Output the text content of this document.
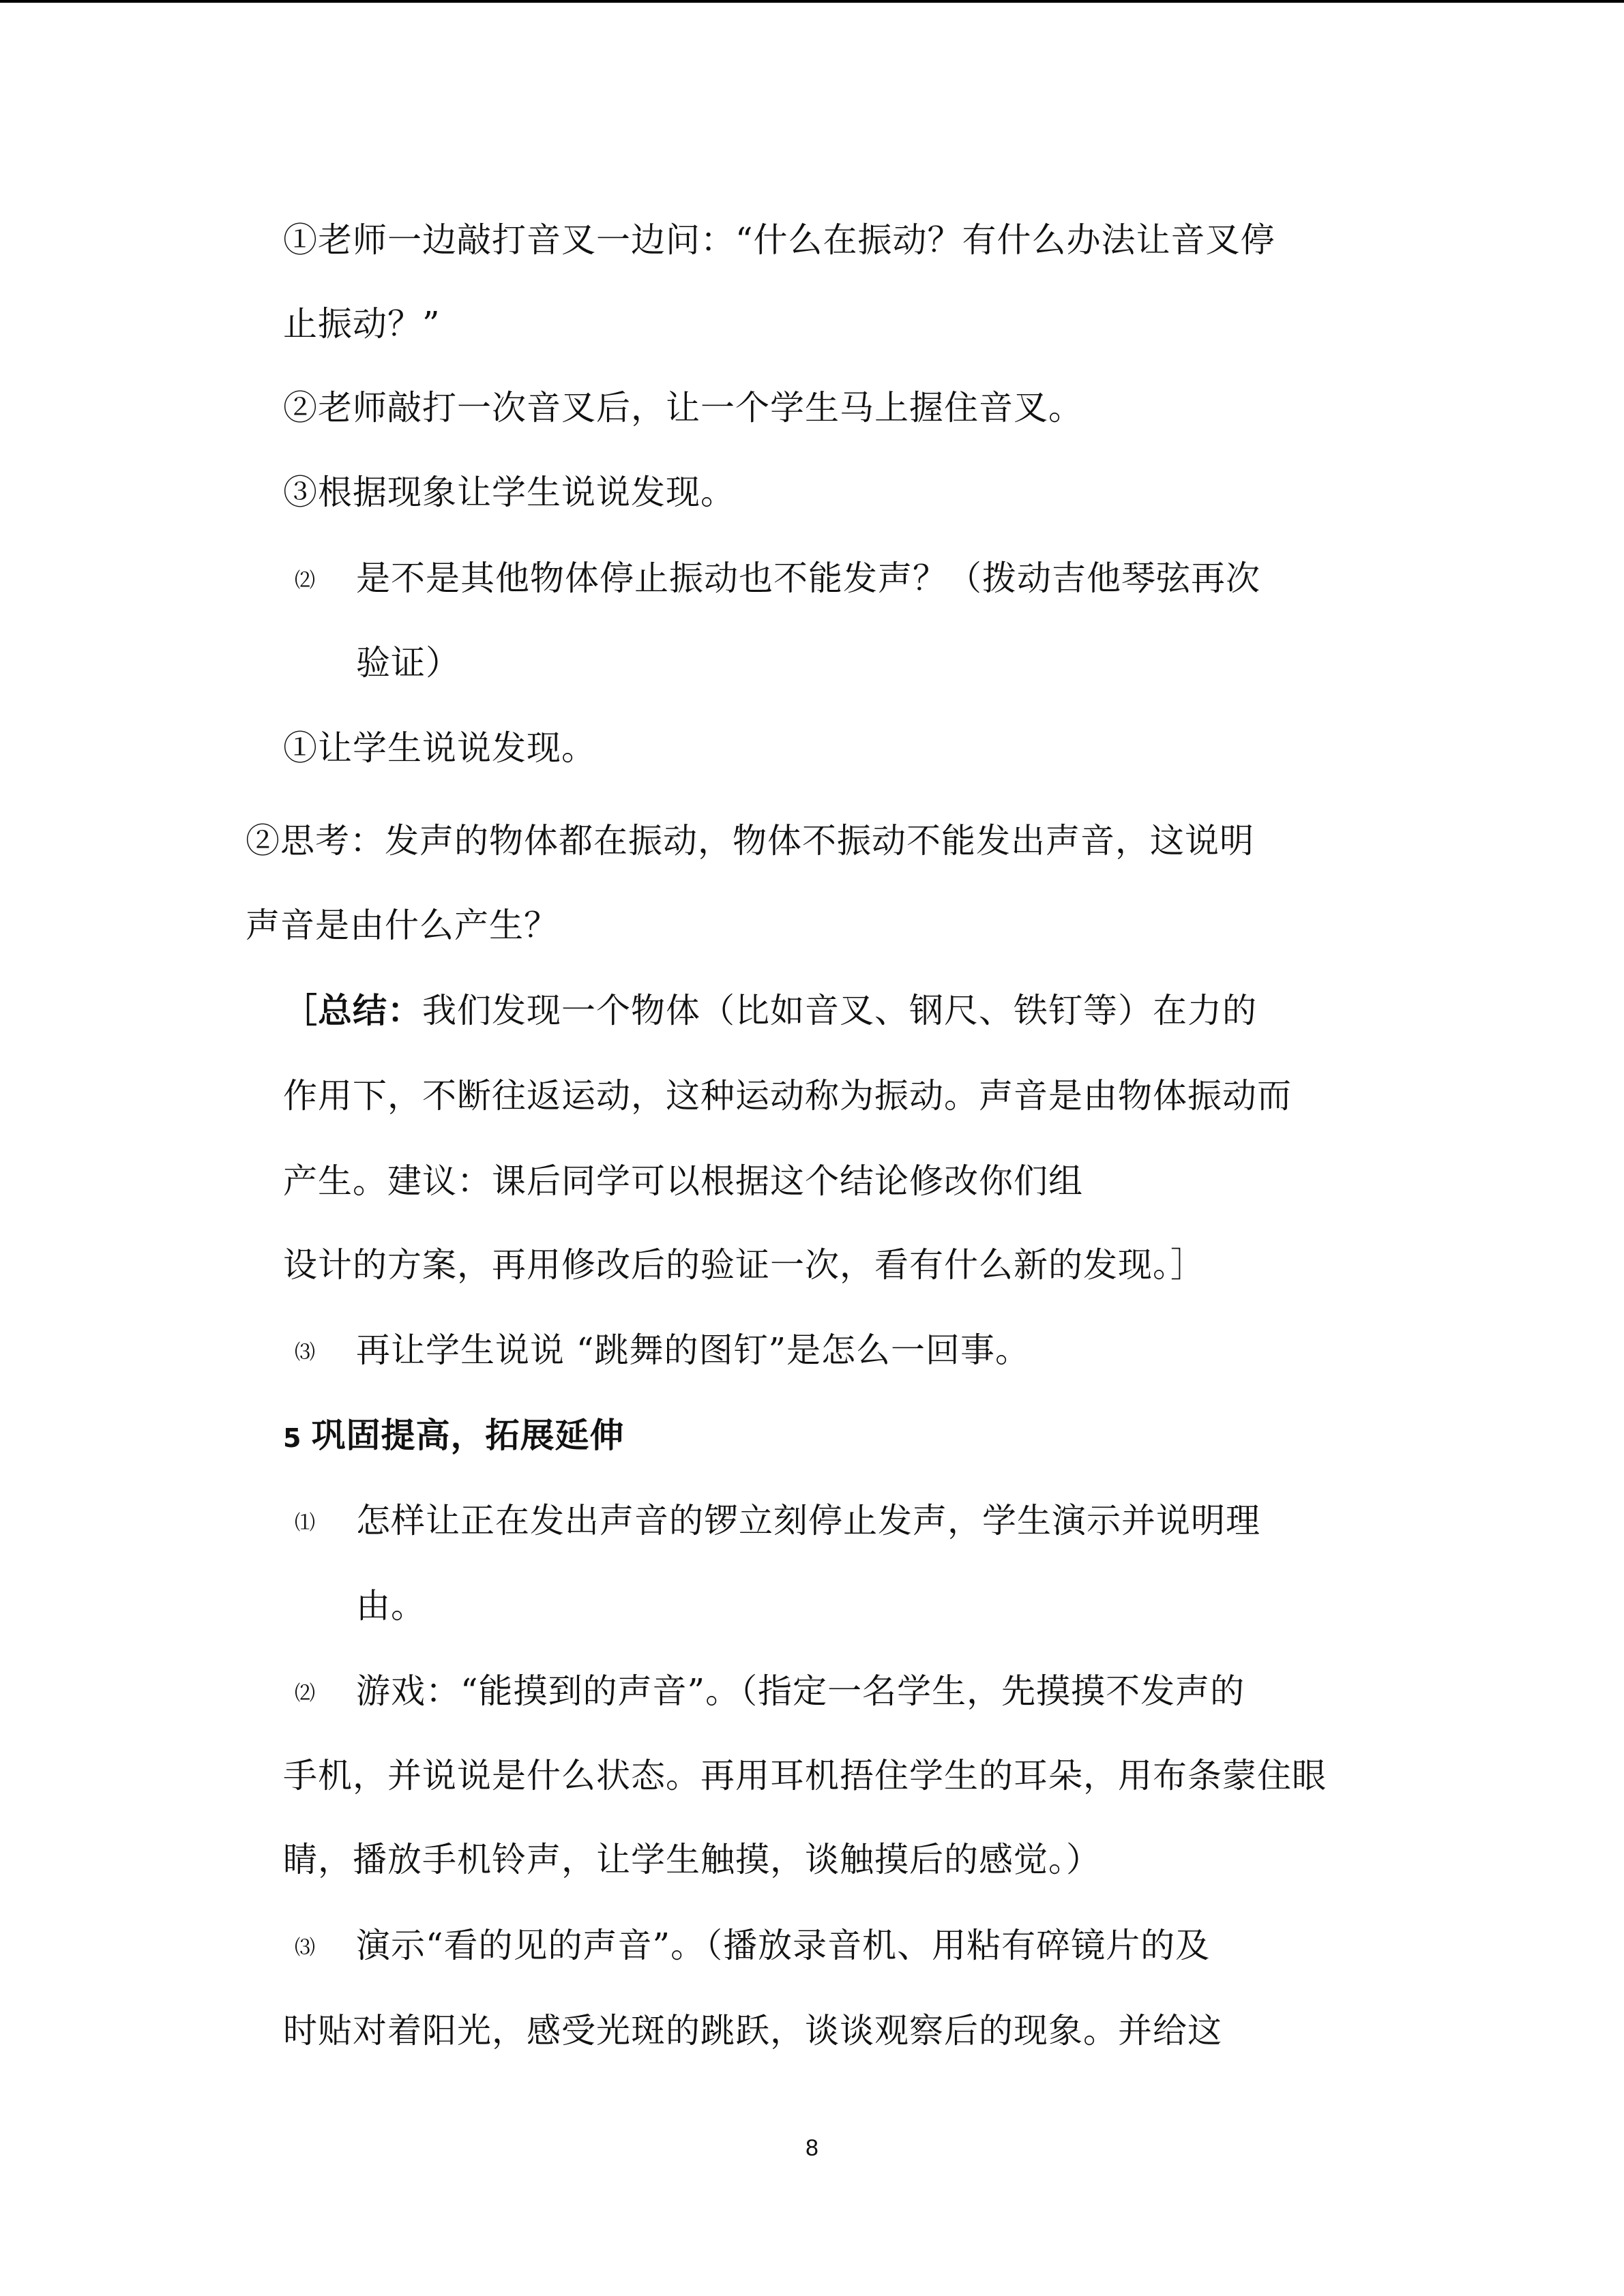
①老师一边敲打音叉一边问：“什么在振动？有什么办法让音叉停
止振动？”
②老师敲打一次音叉后，让一个学生马上握住音叉。
③根据现象让学生说说发现。
⑵ 是不是其他物体停止振动也不能发声？（拨动吉他琴弦再次
验证）
①让学生说说发现。
②思考：发声的物体都在振动，物体不振动不能发出声音，这说明
声音是由什么产生？
［总结：我们发现一个物体（比如音叉、钢尺、铁钉等）在力的
作用下，不断往返运动，这种运动称为振动。声音是由物体振动而
产生。建议：课后同学可以根据这个结论修改你们组
设计的方案，再用修改后的验证一次，看有什么新的发现。］
⑶ 再让学生说说 “跳舞的图钉”是怎么一回事。
5 巩固提高，拓展延伸
⑴ 怎样让正在发出声音的锣立刻停止发声，学生演示并说明理
由。
⑵ 游戏：“能摸到的声音”。（指定一名学生，先摸摸不发声的
手机，并说说是什么状态。再用耳机捂住学生的耳朵，用布条蒙住眼
睛，播放手机铃声，让学生触摸，谈触摸后的感觉。）
⑶ 演示“看的见的声音”。（播放录音机、用粘有碎镜片的及
时贴对着阳光，感受光斑的跳跃，谈谈观察后的现象。并给这
8
